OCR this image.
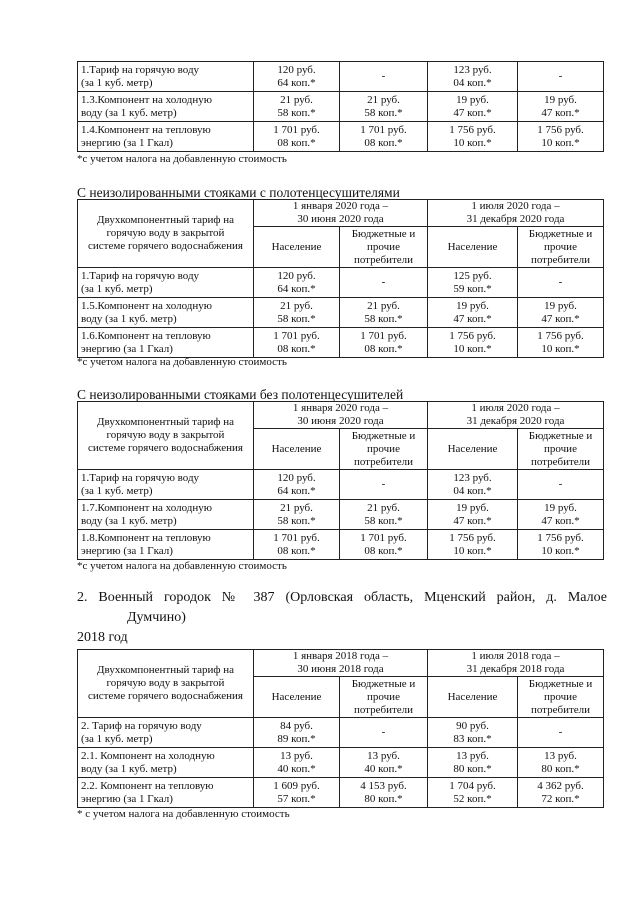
1.Тариф на горячую воду
(за 1 куб. метр)	120 руб.
64 коп.*	-	123 руб.
04 коп.*	-

1.3.Компонент на холодную
воду (за 1 куб. метр)	21 руб.
58 коп.*	21 руб.
58 коп.*	19 руб.
47 коп.*	19 руб.
47 коп.*

1.4.Компонент на тепловую
энергию (за 1 Гкал)	1 701 руб.
08 коп.*	1 701 руб.
08 коп.*	1 756 руб.
10 коп.*	1 756 руб.
10 коп.*
*с учетом налога на добавленную стоимость
С неизолированными стояками с полотенцесушителями
Двухкомпонентный тариф на
горячую воду в закрытой
системе горячего водоснабжения	1 января 2020 года –
30 июня 2020 года		1 июля 2020 года –
31 декабря 2020 года	

	Население	Бюджетные и
прочие
потребители	Население	Бюджетные и
прочие
потребители

1.Тариф на горячую воду
(за 1 куб. метр)	120 руб.
64 коп.*	-	125 руб.
59 коп.*	-

1.5.Компонент на холодную
воду (за 1 куб. метр)	21 руб.
58 коп.*	21 руб.
58 коп.*	19 руб.
47 коп.*	19 руб.
47 коп.*

1.6.Компонент на тепловую
энергию (за 1 Гкал)	1 701 руб.
08 коп.*	1 701 руб.
08 коп.*	1 756 руб.
10 коп.*	1 756 руб.
10 коп.*
*с учетом налога на добавленную стоимость
С неизолированными стояками без полотенцесушителей
Двухкомпонентный тариф на
горячую воду в закрытой
системе горячего водоснабжения	1 января 2020 года –
30 июня 2020 года		1 июля 2020 года –
31 декабря 2020 года	

	Население	Бюджетные и
прочие
потребители	Население	Бюджетные и
прочие
потребители

1.Тариф на горячую воду
(за 1 куб. метр)	120 руб.
64 коп.*	-	123 руб.
04 коп.*	-

1.7.Компонент на холодную
воду (за 1 куб. метр)	21 руб.
58 коп.*	21 руб.
58 коп.*	19 руб.
47 коп.*	19 руб.
47 коп.*

1.8.Компонент на тепловую
энергию (за 1 Гкал)	1 701 руб.
08 коп.*	1 701 руб.
08 коп.*	1 756 руб.
10 коп.*	1 756 руб.
10 коп.*
*с учетом налога на добавленную стоимость
2. Военный городок № 387 (Орловская область, Мценский район, д. Малое
Думчино)
2018 год
Двухкомпонентный тариф на
горячую воду в закрытой
системе горячего водоснабжения	1 января 2018 года –
30 июня 2018 года		1 июля 2018 года –
31 декабря 2018 года	

	Население	Бюджетные и
прочие
потребители	Население	Бюджетные и
прочие
потребители

2. Тариф на горячую воду
(за 1 куб. метр)	84 руб.
89 коп.*	-	90 руб.
83 коп.*	-

2.1. Компонент на холодную
воду (за 1 куб. метр)	13 руб.
40 коп.*	13 руб.
40 коп.*	13 руб.
80 коп.*	13 руб.
80 коп.*

2.2. Компонент на тепловую
энергию (за 1 Гкал)	1 609 руб.
57 коп.*	4 153 руб.
80 коп.*	1 704 руб.
52 коп.*	4 362 руб.
72 коп.*
* с учетом налога на добавленную стоимость
